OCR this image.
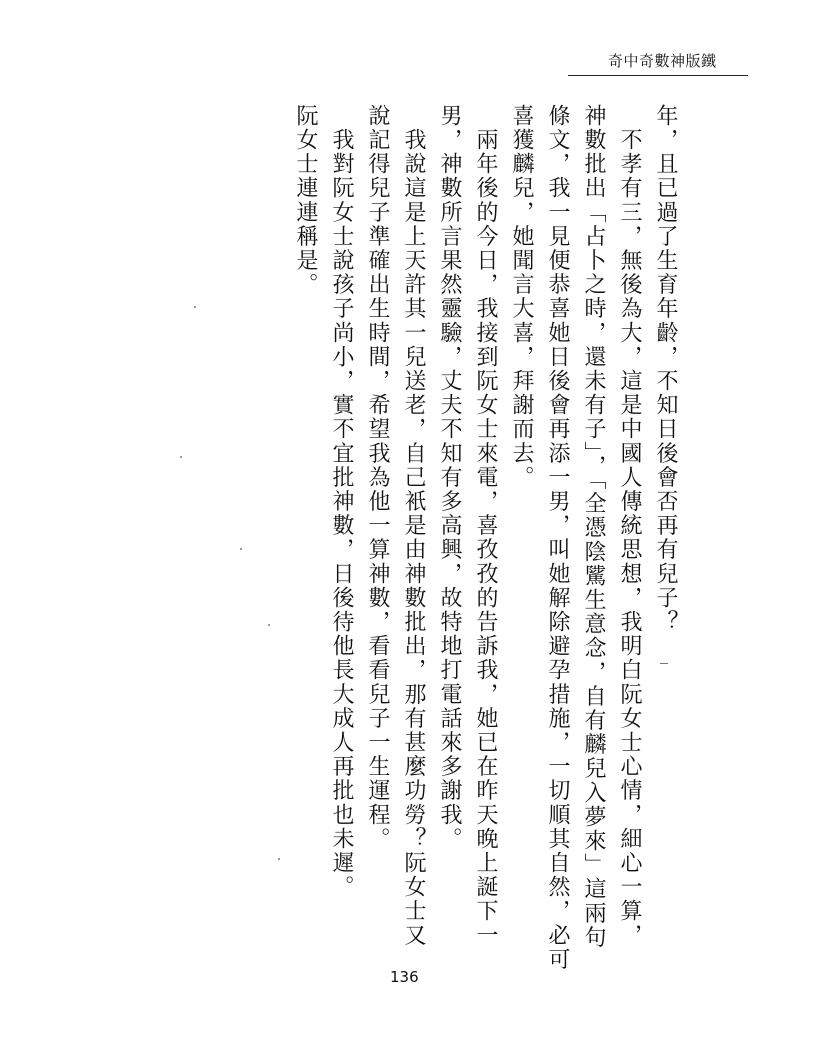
奇中奇數神版鐵
年，且已過了生育年齡，不知日後會否再有兒子？
　不孝有三，無後為大，這是中國人傳統思想，我明白阮女士心情，細心一算，
神數批出「占卜之時，還未有子」，「全憑陰騭生意念，自有麟兒入夢來」這兩句
條文，我一見便恭喜她日後會再添一男，叫她解除避孕措施，一切順其自然，必可
喜獲麟兒，她聞言大喜，拜謝而去。
　兩年後的今日，我接到阮女士來電，喜孜孜的告訴我，她已在昨天晚上誕下一
男，神數所言果然靈驗，丈夫不知有多高興，故特地打電話來多謝我。
　我說這是上天許其一兒送老，自己衹是由神數批出，那有甚麼功勞？阮女士又
說記得兒子準確出生時間，希望我為他一算神數，看看兒子一生運程。
　我對阮女士說孩子尚小，實不宜批神數，日後待他長大成人再批也未遲。
阮女士連連稱是。
136
